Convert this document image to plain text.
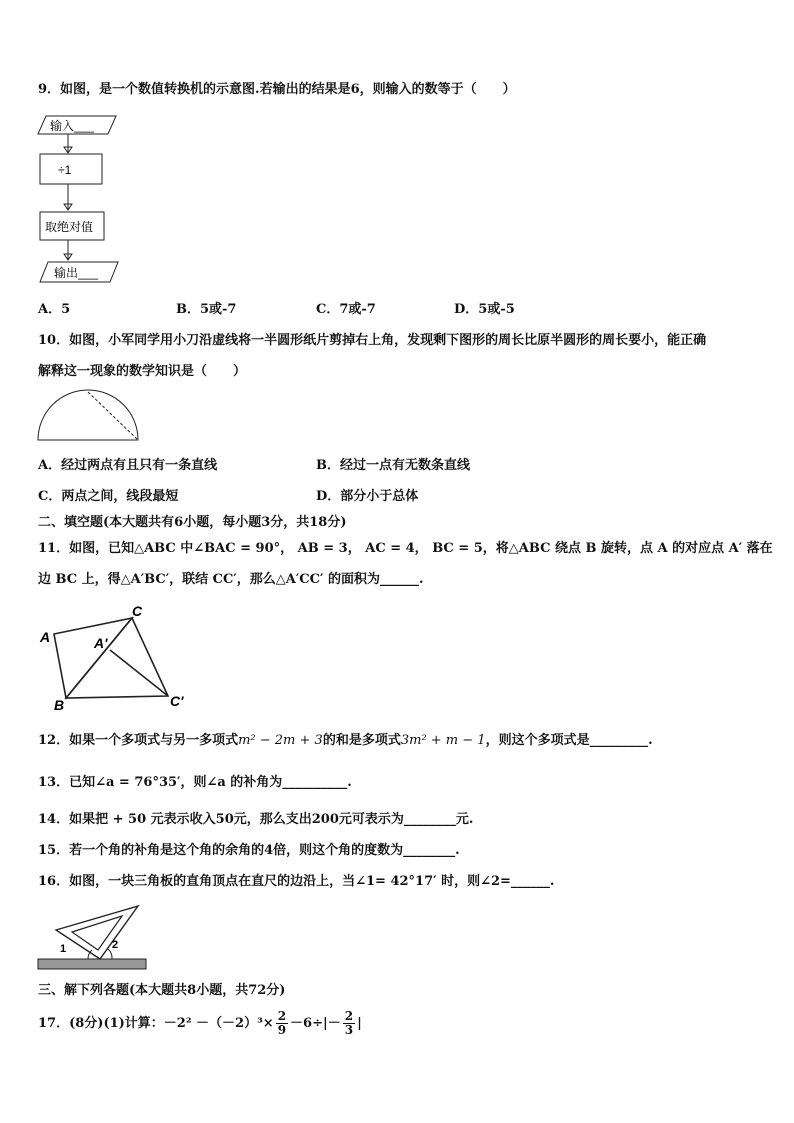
9．如图，是一个数值转换机的示意图.若输出的结果是6，则输入的数等于（　　）
输入___
÷1
取绝对值
输出___
A．5	B．5或-7	C．7或-7	D．5或-5
10．如图，小军同学用小刀沿虚线将一半圆形纸片剪掉右上角，发现剩下图形的周长比原半圆形的周长要小，能正确
解释这一现象的数学知识是（　　）
A．经过两点有且只有一条直线	B．经过一点有无数条直线
C．两点之间，线段最短	D．部分小于总体
二、填空题(本大题共有6小题，每小题3分，共18分)
11．如图，已知△ABC 中∠BAC = 90°， AB = 3， AC = 4， BC = 5，将△ABC 绕点 B 旋转，点 A 的对应点 A′ 落在
边 BC 上，得△A′BC′，联结 CC′，那么△A′CC′ 的面积为______.
A
C
A'
B	C'
12．如果一个多项式与另一多项式m² − 2m + 3的和是多项式3m² + m − 1，则这个多项式是_________.
13．已知∠a = 76°35′，则∠a 的补角为__________.
14．如果把 + 50 元表示收入50元，那么支出200元可表示为________元.
15．若一个角的补角是这个角的余角的4倍，则这个角的度数为________.
16．如图，一块三角板的直角顶点在直尺的边沿上，当∠1= 42°17′ 时，则∠2=______.
1	2
三、解下列各题(本大题共8小题，共72分)
17．(8分)(1)计算：$-2^2 -(-2)^3\times \frac{2}{9} -6\div|- \frac{2}{3}$ |
